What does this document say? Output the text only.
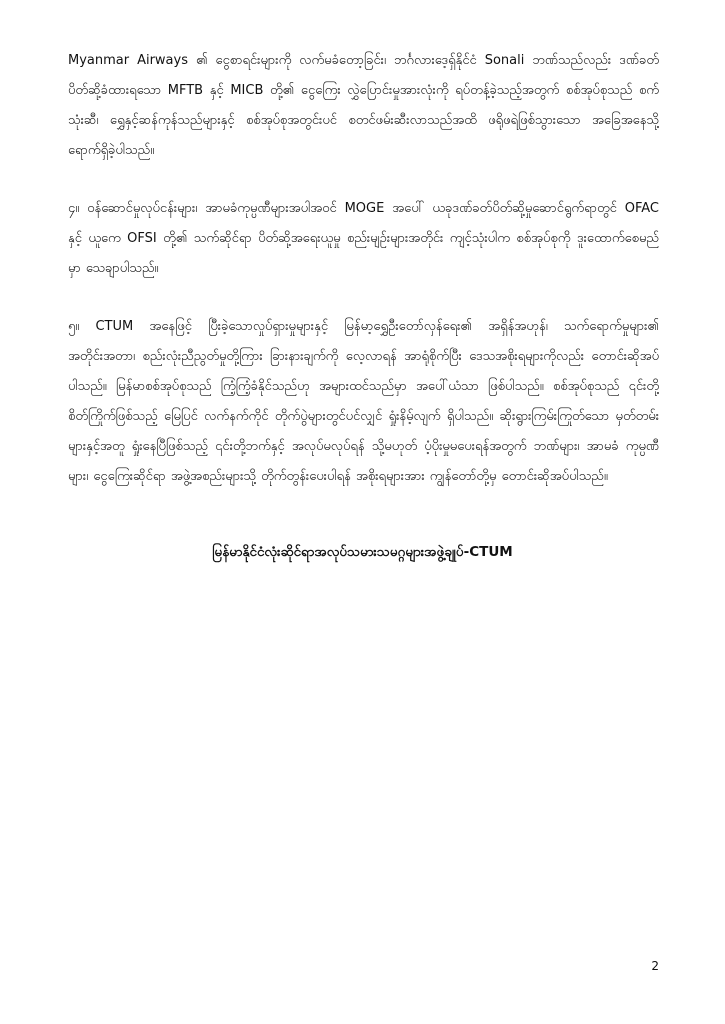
Myanmar Airways ၏ ငွေစာရင်းများကို လက်မခံတော့ခြင်း၊ ဘင်္ဂလားဒေ့ရှ်နိုင်ငံ Sonali ဘဏ်သည်လည်း ဒဏ်ခတ်ပိတ်ဆို့ခံထားရသော MFTB နှင့် MICB တို့၏ ငွေကြေး လွှဲပြောင်းမှုအားလုံးကို ရပ်တန့်ခဲ့သည့်အတွက် စစ်အုပ်စုသည် စက်သုံးဆီ၊ ရွှေနှင့်ဆန်ကုန်သည်များနှင့် စစ်အုပ်စုအတွင်းပင် စတင်ဖမ်းဆီးလာသည်အထိ ဖရိုဖရဲဖြစ်သွားသော အခြေအနေသို့ ရောက်ရှိခဲ့ပါသည်။

၄။ ဝန်ဆောင်မှုလုပ်ငန်းများ၊ အာမခံကုမ္ပဏီများအပါအဝင် MOGE အပေါ် ယခုဒဏ်ခတ်ပိတ်ဆို့မှုဆောင်ရွက်ရာတွင် OFAC နှင့် ယူကေ OFSI တို့၏ သက်ဆိုင်ရာ ပိတ်ဆို့အရေးယူမှု စည်းမျဉ်းများအတိုင်း ကျင့်သုံးပါက စစ်အုပ်စုကို ဒူးထောက်စေမည်မှာ သေချာပါသည်။

၅။ CTUM အနေဖြင့် ပြီးခဲ့သောလှုပ်ရှားမှုများနှင့် မြန်မာ့ရွှေဦးတော်လှန်ရေး၏ အရှိန်အဟုန်၊ သက်ရောက်မှုများ၏ အတိုင်းအတာ၊ စည်းလုံးညီညွတ်မှုတို့ကြား ခြားနားချက်ကို လေ့လာရန် အာရုံစိုက်ပြီး ဒေသအစိုးရများကိုလည်း တောင်းဆိုအပ်ပါသည်။ မြန်မာစစ်အုပ်စုသည် ကြံ့ကြံ့ခံနိုင်သည်ဟု အများထင်သည်မှာ အပေါ်ယံသာ ဖြစ်ပါသည်။ စစ်အုပ်စုသည် ၎င်းတို့စိတ်ကြိုက်ဖြစ်သည့် မြေပြင် လက်နက်ကိုင် တိုက်ပွဲများတွင်ပင်လျှင် ရှုံးနိမ့်လျက် ရှိပါသည်။ ဆိုးရွားကြမ်းကြုတ်သော မှတ်တမ်းများနှင့်အတူ ရှုံးနေပြီဖြစ်သည့် ၎င်းတို့ဘက်နှင့် အလုပ်မလုပ်ရန် သို့မဟုတ် ပံ့ပိုးမှုမပေးရန်အတွက် ဘဏ်များ၊ အာမခံ ကုမ္ပဏီများ၊ ငွေကြေးဆိုင်ရာ အဖွဲ့အစည်းများသို့ တိုက်တွန်းပေးပါရန် အစိုးရများအား ကျွန်တော်တို့မှ တောင်းဆိုအပ်ပါသည်။

မြန်မာနိုင်ငံလုံးဆိုင်ရာအလုပ်သမားသမဂ္ဂများအဖွဲ့ချုပ်-CTUM
2
